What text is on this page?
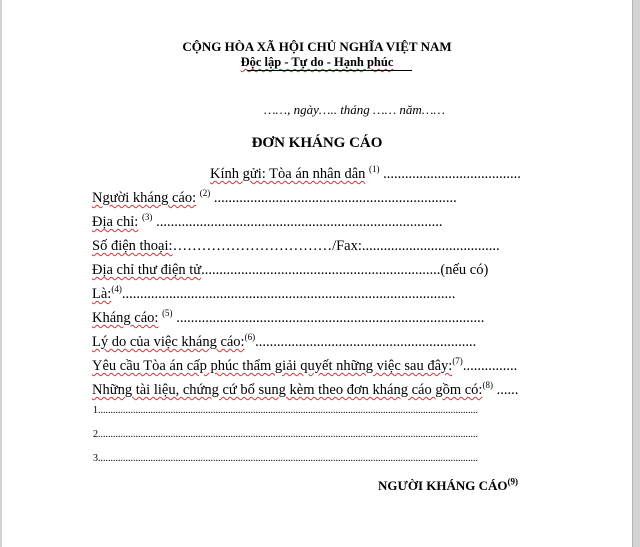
CỘNG HÒA XÃ HỘI CHỦ NGHĨA VIỆT NAM
Độc lập - Tự do - Hạnh phúc
……, ngày….. tháng …… năm……
ĐƠN KHÁNG CÁO
Kính gửi: Tòa án nhân dân $^{(1)}$ ......................................
Người kháng cáo: $^{(2)}$ ...................................................................
Địa chỉ: $^{(3)}$ ...............................................................................
Số điện thoại:……………………………/Fax:......................................
Địa chỉ thư điện tử..................................................................(nếu có)
Là:$^{(4)}$............................................................................................
Kháng cáo: $^{(5)}$ .....................................................................................
Lý do của việc kháng cáo:$^{(6)}$.............................................................
Yêu cầu Tòa án cấp phúc thẩm giải quyết những việc sau đây:$^{(7)}$...............
Những tài liệu, chứng cứ bổ sung kèm theo đơn kháng cáo gồm có:$^{(8)}$ ......
1........................................................................................................................................................
2........................................................................................................................................................
3........................................................................................................................................................
NGƯỜI KHÁNG CÁO$^{(9)}$
